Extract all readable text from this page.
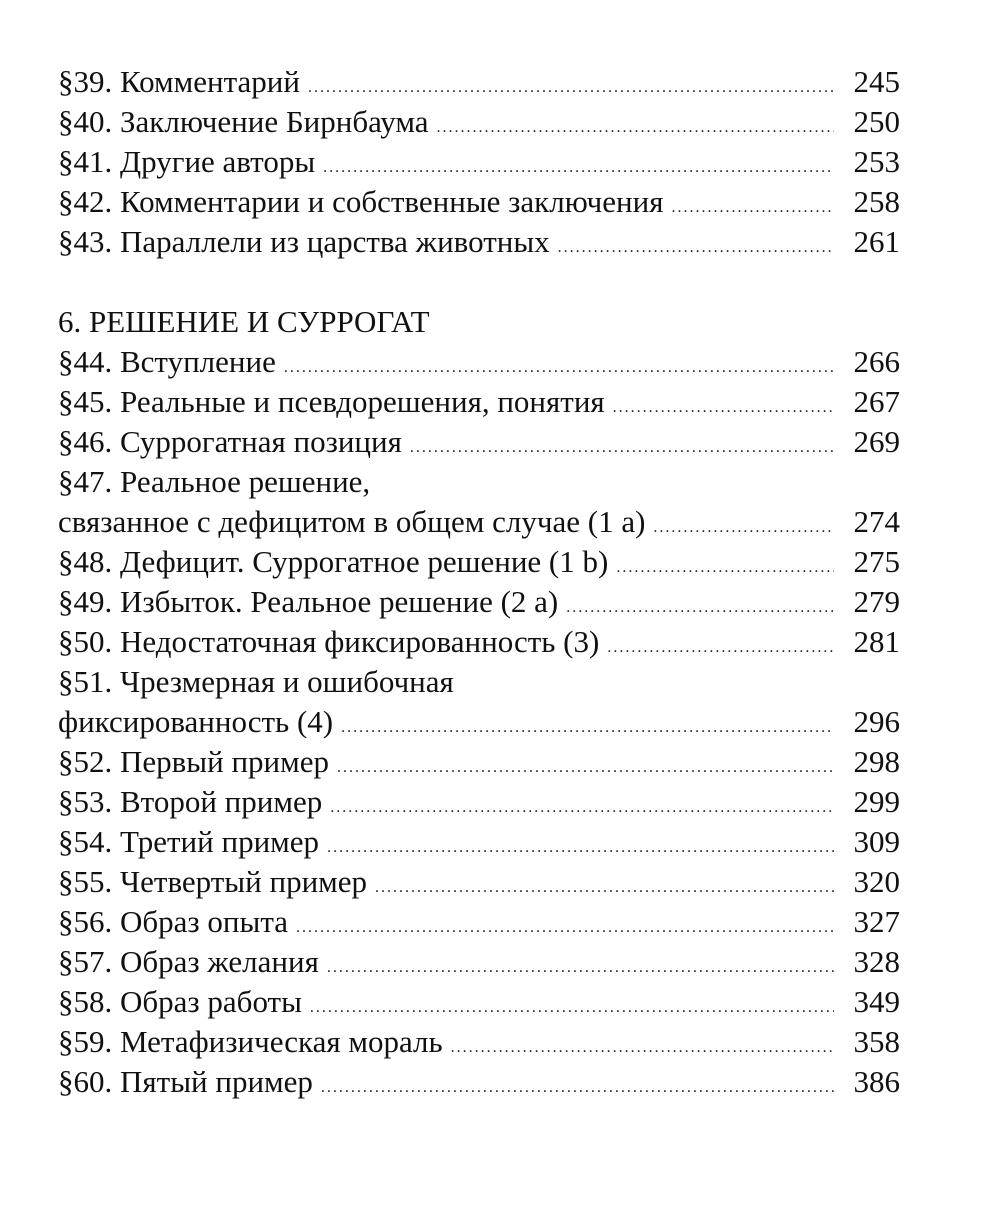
§39. Комментарий . . .	245
§40. Заключение Бирнбаума . . .	250
§41. Другие авторы . . .	253
§42. Комментарии и собственные заключения . . .	258
§43. Параллели из царства животных . . .	261
6. РЕШЕНИЕ И СУРРОГАТ
§44. Вступление . . .	266
§45. Реальные и псевдорешения, понятия . . .	267
§46. Суррогатная позиция . . .	269
§47. Реальное решение,
связанное с дефицитом в общем случае (1 a) . . .	274
§48. Дефицит. Суррогатное решение (1 b) . . .	275
§49. Избыток. Реальное решение (2 a) . . .	279
§50. Недостаточная фиксированность (3) . . .	281
§51. Чрезмерная и ошибочная
фиксированность (4) . . .	296
§52. Первый пример . . .	298
§53. Второй пример . . .	299
§54. Третий пример . . .	309
§55. Четвертый пример . . .	320
§56. Образ опыта . . .	327
§57. Образ желания . . .	328
§58. Образ работы . . .	349
§59. Метафизическая мораль . . .	358
§60. Пятый пример . . .	386
